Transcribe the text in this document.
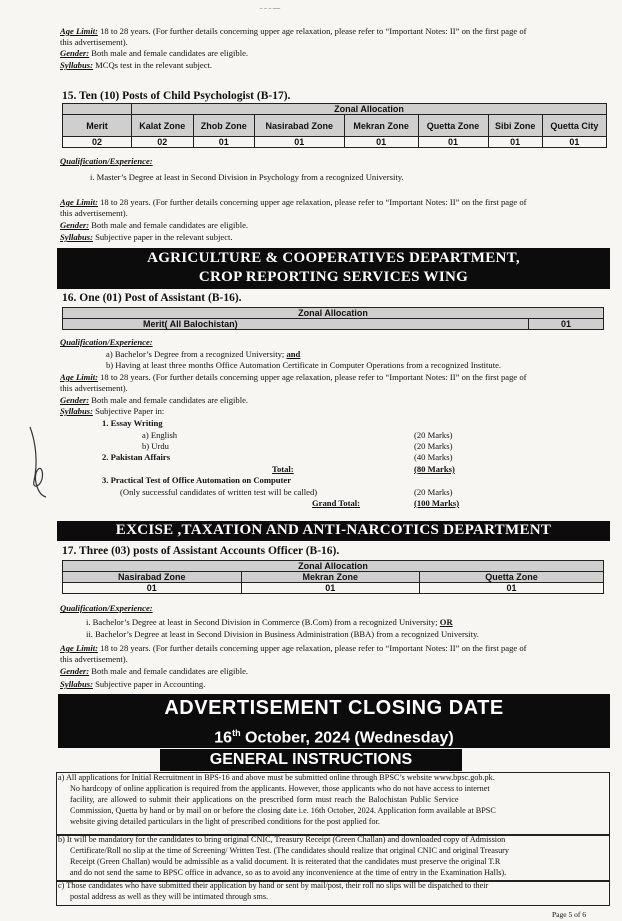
ـــ ـ ـ ـ
Age Limit: 18 to 28 years. (For further details concerning upper age relaxation, please refer to “Important Notes: II” on the first page of
this advertisement).
Gender: Both male and female candidates are eligible.
Syllabus: MCQs test in the relevant subject.
15. Ten (10) Posts of Child Psychologist (B-17).
	Zonal Allocation						
Merit	Kalat Zone	Zhob Zone	Nasirabad Zone	Mekran Zone	Quetta Zone	Sibi Zone	Quetta City
02	02	01	01	01	01	01	01
Qualification/Experience:
i. Master’s Degree at least in Second Division in Psychology from a recognized University.
Age Limit: 18 to 28 years. (For further details concerning upper age relaxation, please refer to “Important Notes: II” on the first page of
this advertisement).
Gender: Both male and female candidates are eligible.
Syllabus: Subjective paper in the relevant subject.
AGRICULTURE & COOPERATIVES DEPARTMENT,
CROP REPORTING SERVICES WING
16. One (01) Post of Assistant (B-16).
Zonal Allocation
Merit( All Balochistan)	01
Qualification/Experience:
a) Bachelor’s Degree from a recognized University; and
b) Having at least three months Office Automation Certificate in Computer Operations from a recognized Institute.
Age Limit: 18 to 28 years. (For further details concerning upper age relaxation, please refer to “Important Notes: II” on the first page of
this advertisement).
Gender: Both male and female candidates are eligible.
Syllabus: Subjective Paper in:
1. Essay Writing
a) English	(20 Marks)
b) Urdu	(20 Marks)
2. Pakistan Affairs	(40 Marks)
Total:	(80 Marks)
3. Practical Test of Office Automation on Computer
(Only successful candidates of written test will be called)	(20 Marks)
Grand Total:	(100 Marks)
EXCISE ,TAXATION AND ANTI-NARCOTICS DEPARTMENT
17. Three (03) posts of Assistant Accounts Officer (B-16).
Zonal Allocation		
Nasirabad Zone	Mekran Zone	Quetta Zone
01	01	01
Qualification/Experience:
i. Bachelor’s Degree at least in Second Division in Commerce (B.Com) from a recognized University; OR
ii. Bachelor’s Degree at least in Second Division in Business Administration (BBA) from a recognized University.
Age Limit: 18 to 28 years. (For further details concerning upper age relaxation, please refer to “Important Notes: II” on the first page of
this advertisement).
Gender: Both male and female candidates are eligible.
Syllabus: Subjective paper in Accounting.
ADVERTISEMENT CLOSING DATE
16th October, 2024 (Wednesday)
GENERAL INSTRUCTIONS
a) All applications for Initial Recruitment in BPS-16 and above must be submitted online through BPSC’s website www.bpsc.gob.pk.
No hardcopy of online application is required from the applicants. However, those applicants who do not have access to internet
facility, are allowed to submit their applications on the prescribed form must reach the Balochistan Public Service
Commission, Quetta by hand or by mail on or before the closing date i.e. 16th October, 2024. Application form available at BPSC
website giving detailed particulars in the light of prescribed conditions for the post applied for.
b) It will be mandatory for the candidates to bring original CNIC, Treasury Receipt (Green Challan) and downloaded copy of Admission
Certificate/Roll no slip at the time of Screening/ Written Test. (The candidates should realize that original CNIC and original Treasury
Receipt (Green Challan) would be admissible as a valid document. It is reiterated that the candidates must preserve the original T.R
and do not send the same to BPSC office in advance, so as to avoid any inconvenience at the time of entry in the Examination Halls).
c) Those candidates who have submitted their application by hand or sent by mail/post, their roll no slips will be dispatched to their
postal address as well as they will be intimated through sms.
Page 5 of 6
